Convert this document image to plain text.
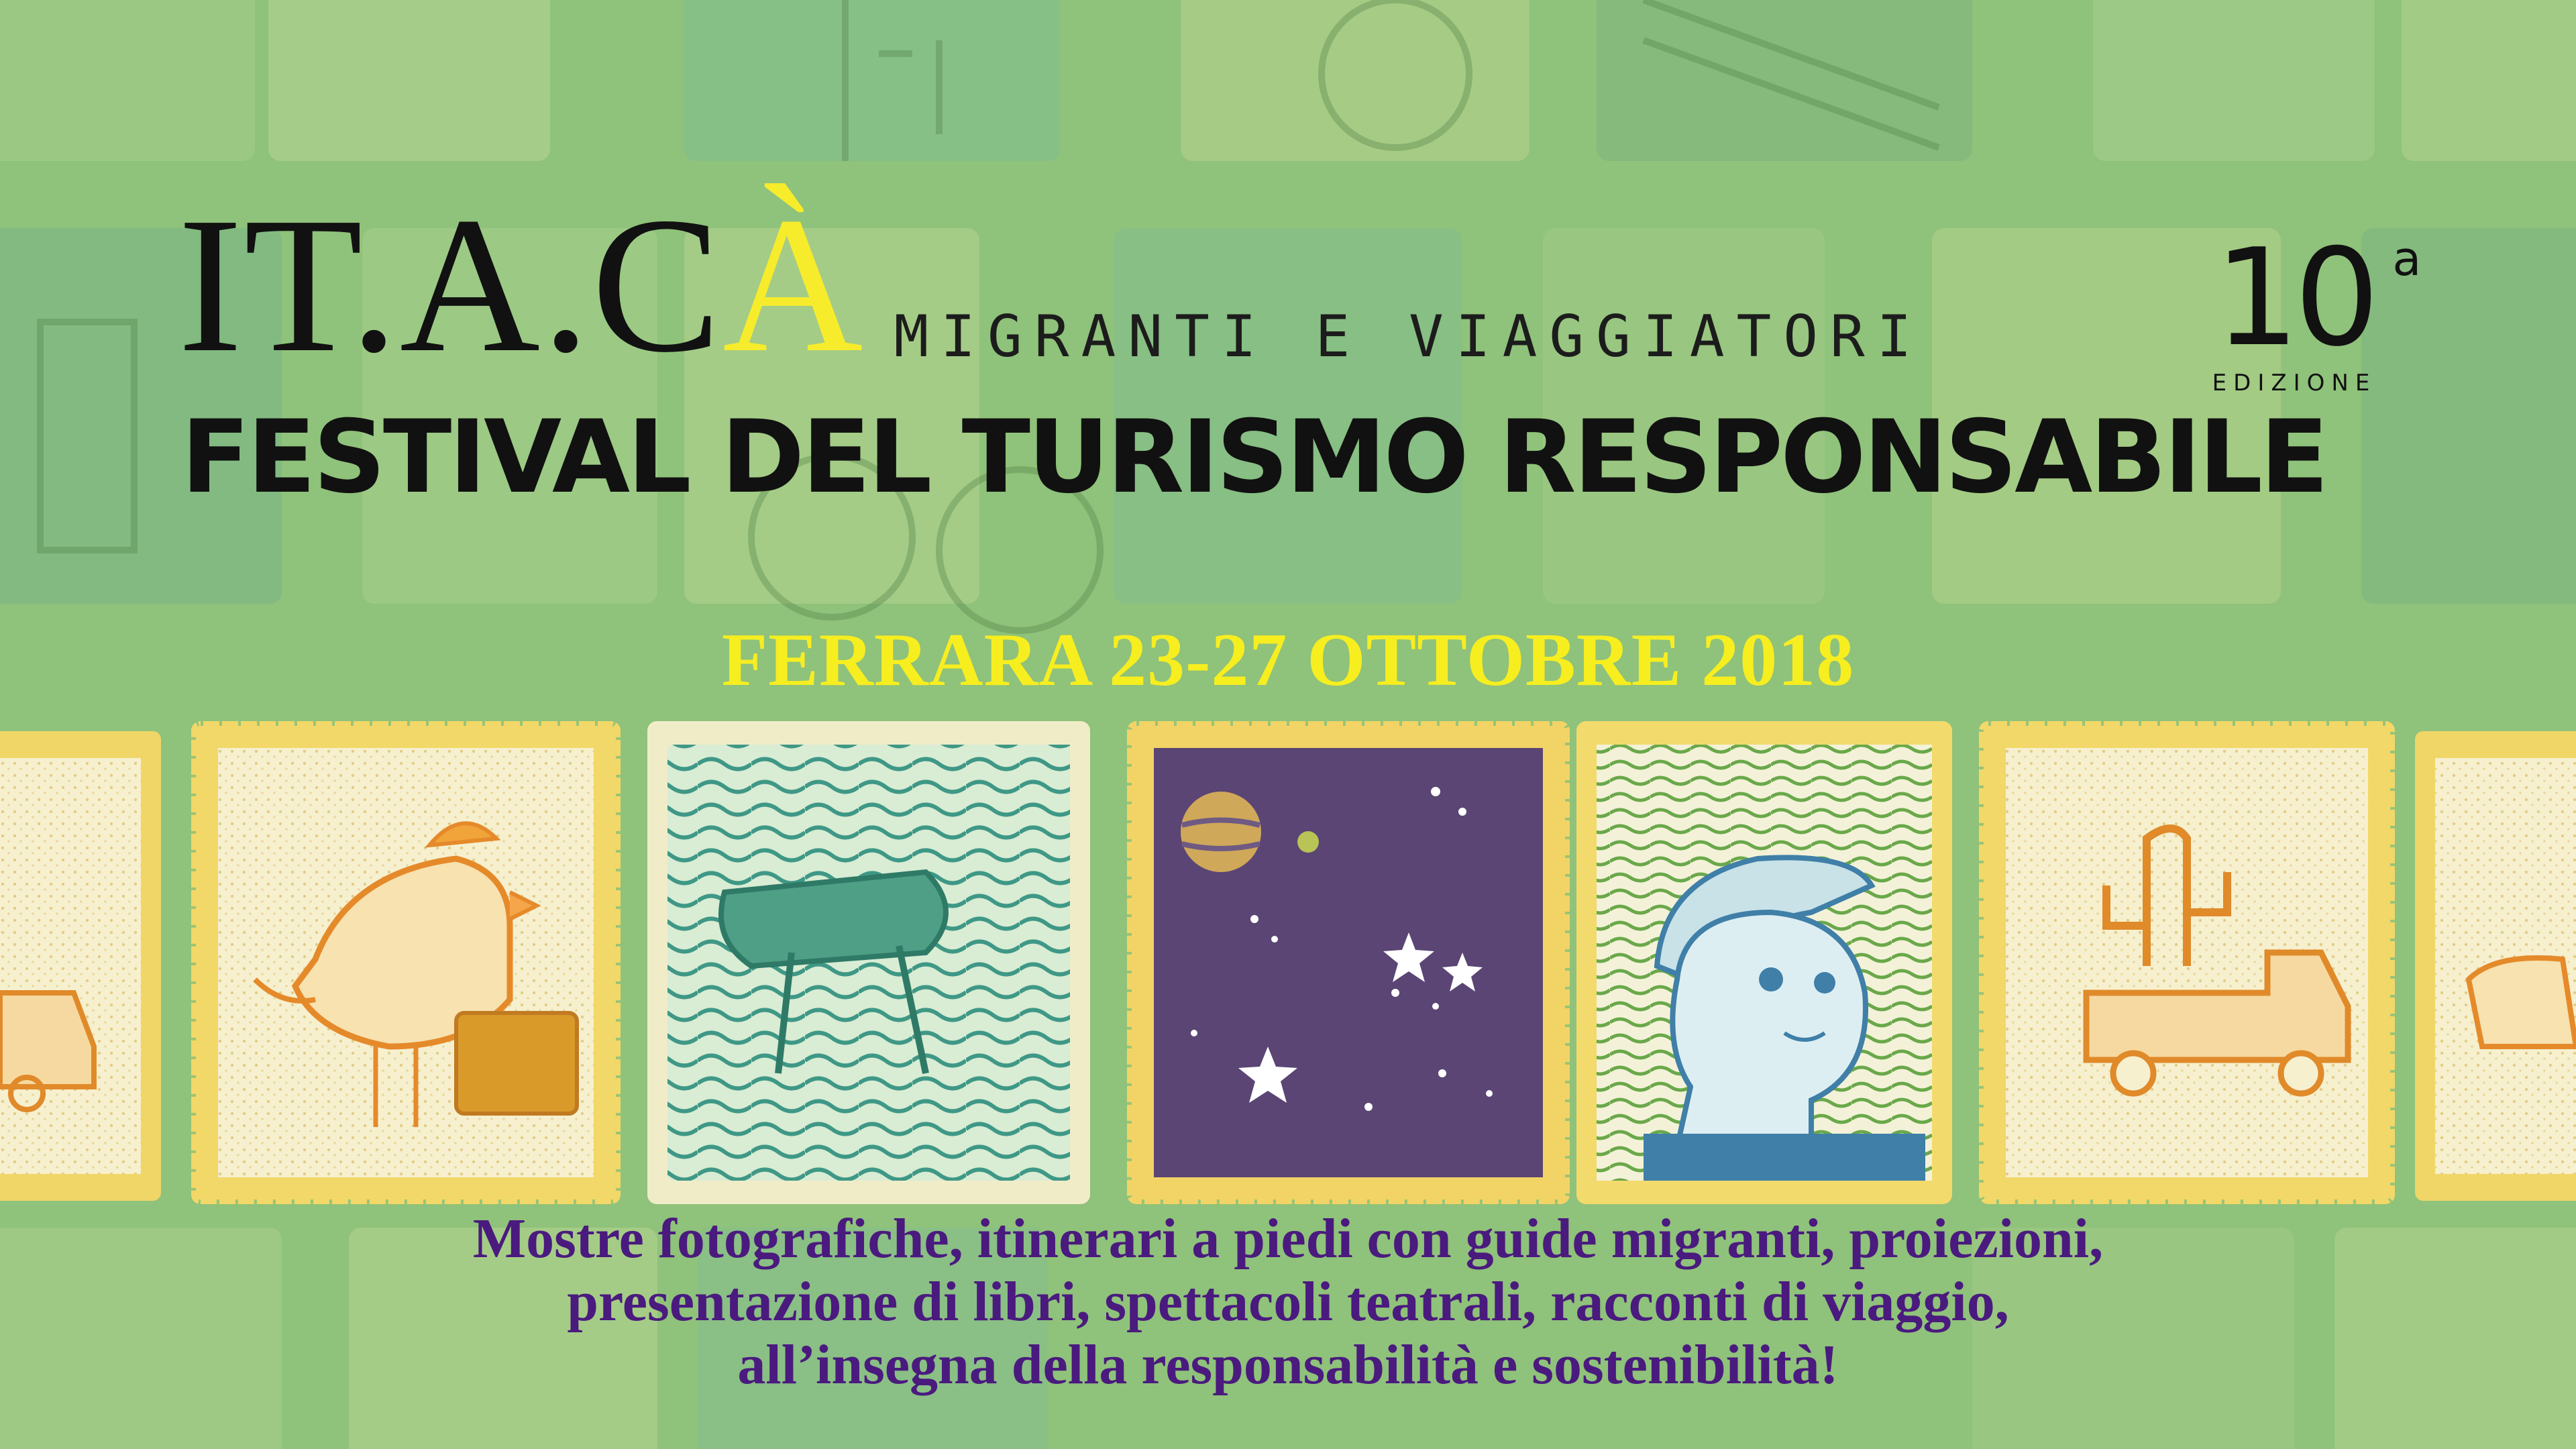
IT.A.CÀ MIGRANTI E VIAGGIATORI
FESTIVAL DEL TURISMO RESPONSABILE
10 a
EDIZIONE
FERRARA 23-27 OTTOBRE 2018
Mostre fotografiche, itinerari a piedi con guide migranti, proiezioni,
presentazione di libri, spettacoli teatrali, racconti di viaggio,
all’insegna della responsabilità e sostenibilità!
